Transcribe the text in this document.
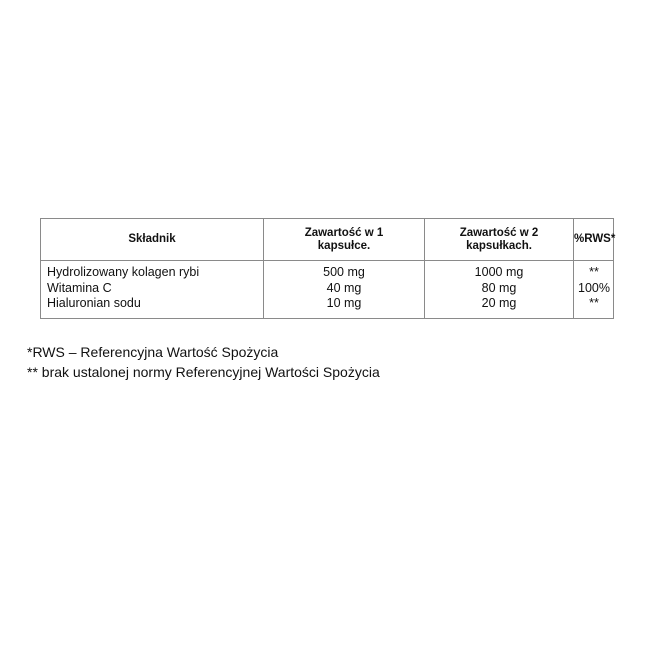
Składnik
Zawartość w 1
kapsułce.
Zawartość w 2
kapsułkach.
%RWS*
Hydrolizowany kolagen rybi
Witamina C
Hialuronian sodu
500 mg
40 mg
10 mg
1000 mg
80 mg
20 mg
**
100%
**
*RWS – Referencyjna Wartość Spożycia
** brak ustalonej normy Referencyjnej Wartości Spożycia
